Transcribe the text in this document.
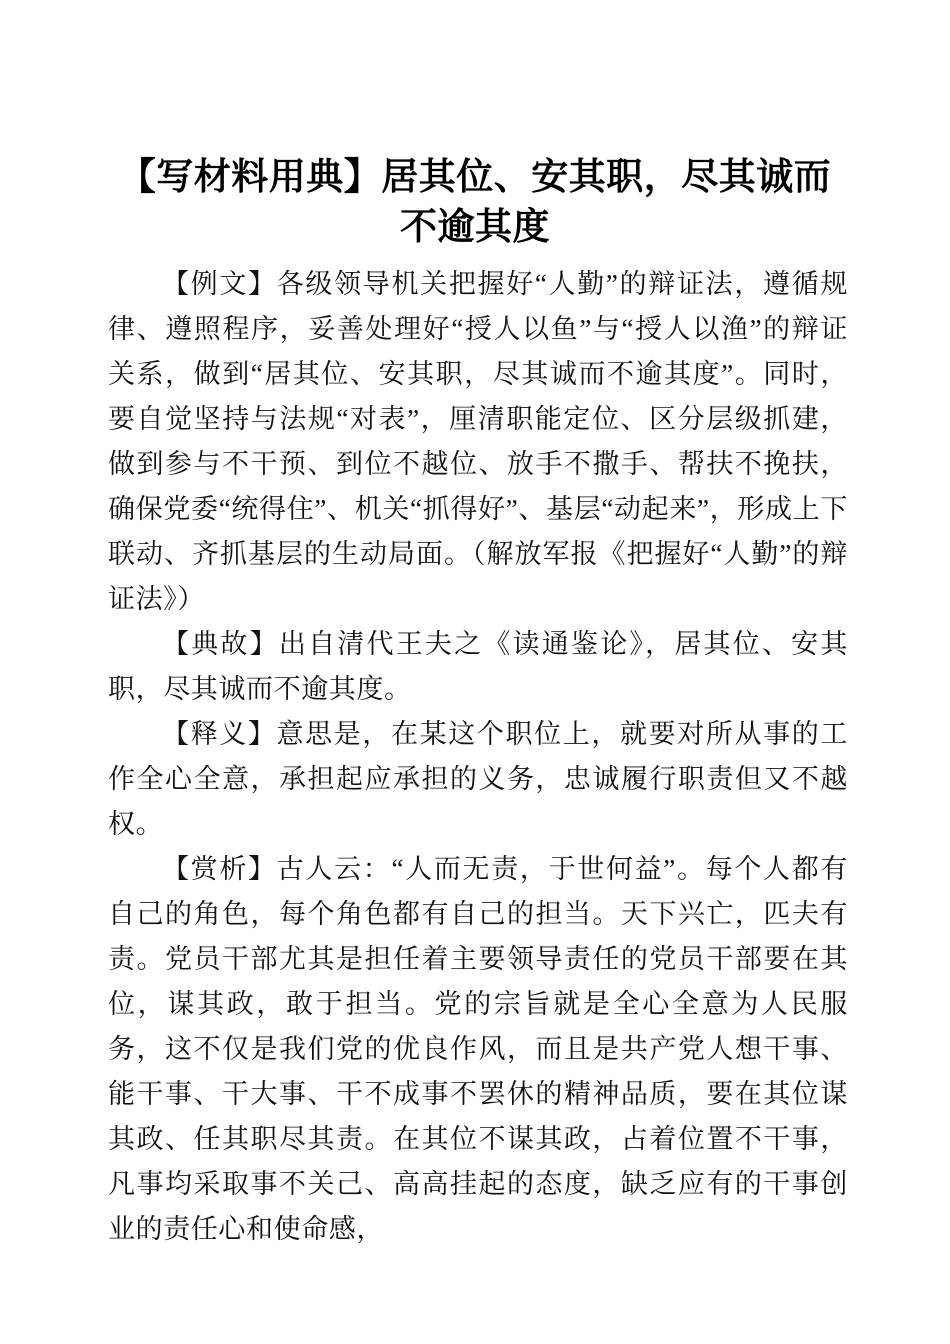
【写材料用典】居其位、安其职，尽其诚而不逾其度

【例文】各级领导机关把握好“人勤”的辩证法，遵循规律、遵照程序，妥善处理好“授人以鱼”与“授人以渔”的辩证关系，做到“居其位、安其职，尽其诚而不逾其度”。同时，要自觉坚持与法规“对表”，厘清职能定位、区分层级抓建，做到参与不干预、到位不越位、放手不撒手、帮扶不挽扶，确保党委“统得住”、机关“抓得好”、基层“动起来”，形成上下联动、齐抓基层的生动局面。（解放军报《把握好“人勤”的辩证法》）

【典故】出自清代王夫之《读通鉴论》，居其位、安其职，尽其诚而不逾其度。

【释义】意思是，在某这个职位上，就要对所从事的工作全心全意，承担起应承担的义务，忠诚履行职责但又不越权。

【赏析】古人云：“人而无责，于世何益”。每个人都有自己的角色，每个角色都有自己的担当。天下兴亡，匹夫有责。党员干部尤其是担任着主要领导责任的党员干部要在其位，谋其政，敢于担当。党的宗旨就是全心全意为人民服务，这不仅是我们党的优良作风，而且是共产党人想干事、能干事、干大事、干不成事不罢休的精神品质，要在其位谋其政、任其职尽其责。在其位不谋其政，占着位置不干事，凡事均采取事不关己、高高挂起的态度，缺乏应有的干事创业的责任心和使命感，
